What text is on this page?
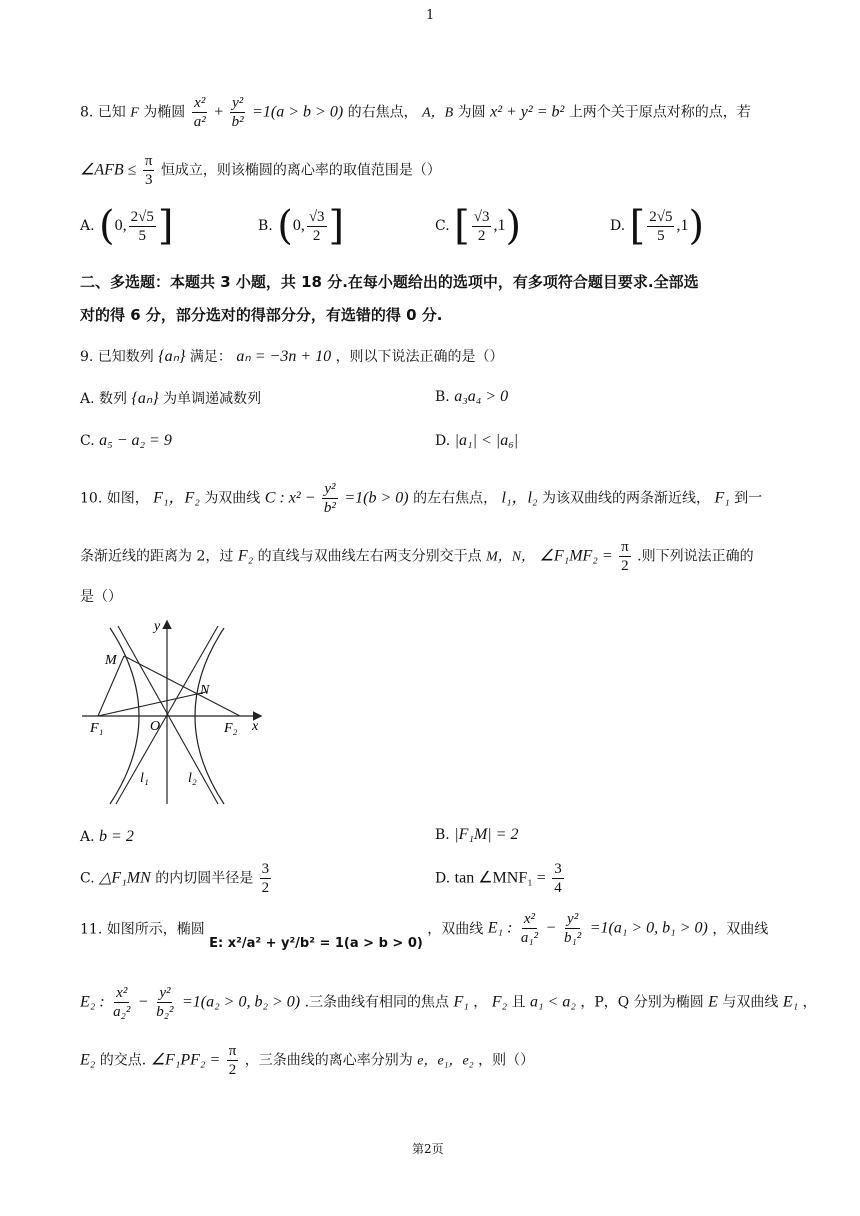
1
8. 已知 F 为椭圆 $\frac{\text{x²}}{\text{a²}} + \frac{\text{y²}}{\text{b²}} =1(a > b > 0)$ 的右焦点， A，B 为圆 x² + y² = b² 上两个关于原点对称的点，若
∠AFB ≤ $\frac{\pi}{3}$ 恒成立，则该椭圆的离心率的取值范围是（）
A. (0, $\frac{2√5}{5}$ ]	B. (0, $\frac{√3}{2}$ ]	C. [ $\frac{√3}{2} ,1$)	D. [ $\frac{2√5}{5} ,1$)
二、多选题：本题共 3 小题，共 18 分.在每小题给出的选项中，有多项符合题目要求.全部选
对的得 6 分，部分选对的得部分分，有选错的得 0 分.
9. 已知数列 {aₙ} 满足： aₙ = −3n + 10 ，则以下说法正确的是（）
A. 数列 {aₙ} 为单调递减数列	B. a₃a₄ > 0
C. a₅ − a₂ = 9	D. |a₁| < |a₆|
10. 如图， F₁，F₂ 为双曲线 C : $x^2 - \frac{\text{y²}}{\text{b²}} =1(b > 0)$ 的左右焦点， l₁，l₂ 为该双曲线的两条渐近线， F₁ 到一
条渐近线的距离为 2，过 F₂ 的直线与双曲线左右两支分别交于点 M，N， ∠F₁MF₂ = $\frac{\pi}{2}$ .则下列说法正确的
是（）
y
x
M
N
O
F₁	F₂
l₁	l₂
A. b = 2	B. |F₁M| = 2
C. △F₁MN 的内切圆半径是 $\frac{3}{2}$	D. tan ∠MNF₁ = $\frac{3}{4}$
11. 如图所示，椭圆 E: x²/a² + y²/b² = 1(a > b > 0) ，双曲线 E₁ : $\frac{\text{x²}}{\text{a₁²}} - \frac{\text{y²}}{\text{b₁²}} =1(a_1 > 0$, b₁ > 0) ，双曲线
E₂ : $\frac{\text{x²}}{\text{a₂²}} - \frac{\text{y²}}{\text{b₂²}} =1(a_2 > 0$, b₂ > 0) .三条曲线有相同的焦点 F₁ ， F₂ 且 a₁ < a₂ ，P，Q 分别为椭圆 E 与双曲线 E₁ ，
E₂ 的交点. ∠F₁PF₂ = $\frac{\pi}{2}$ ，三条曲线的离心率分别为 e，e₁，e₂ ，则（）
第2页
